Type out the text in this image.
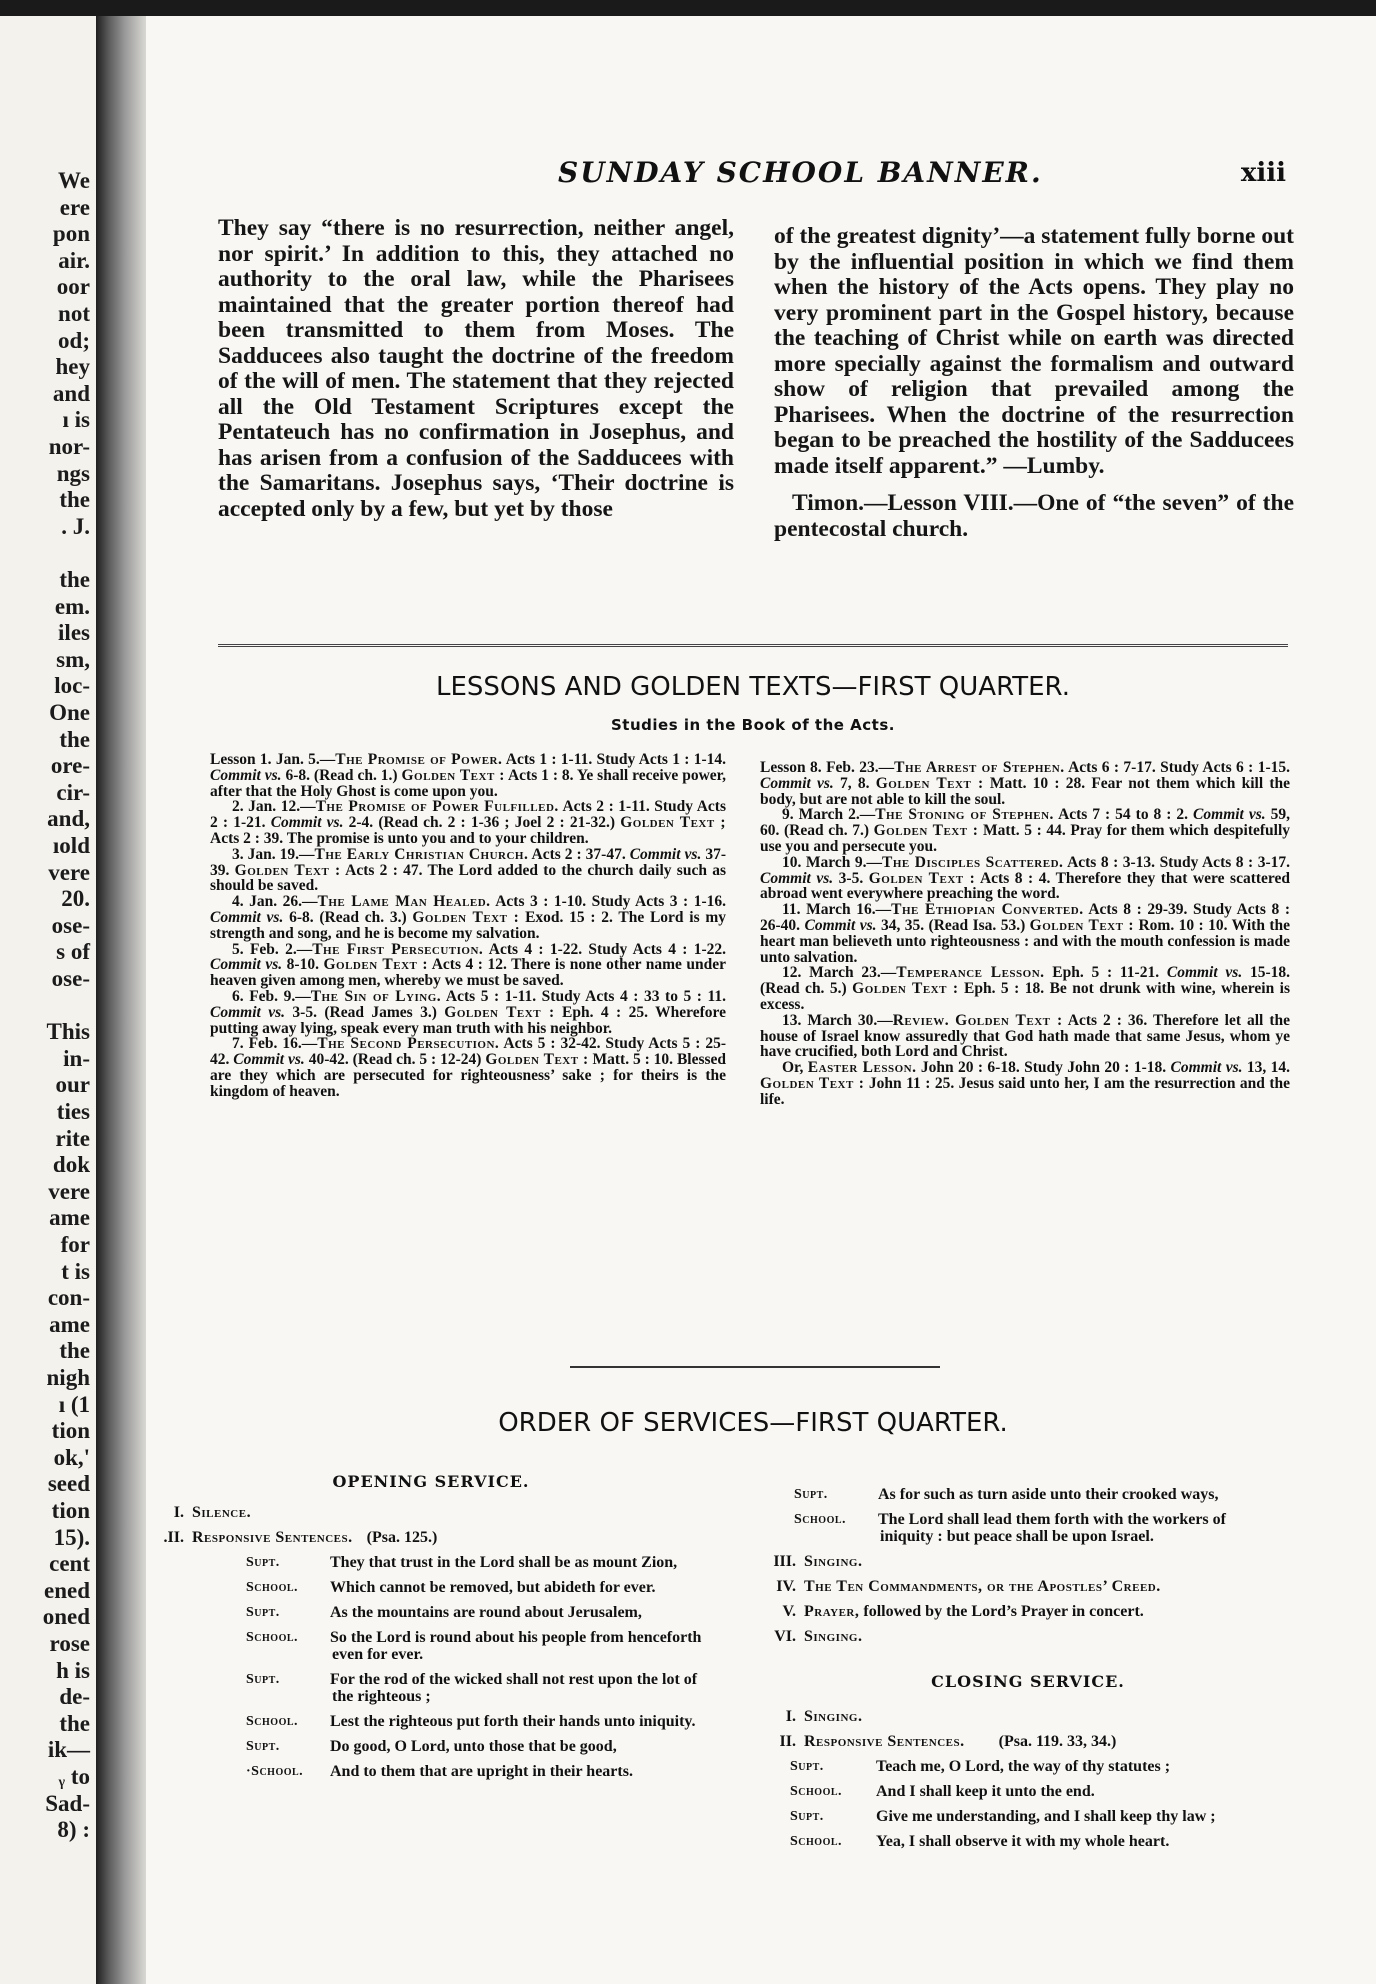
We
ere
pon
air.
oor
not
od;
hey
and
ı is
nor-
ngs
the
. J.
the
em.
iles
sm,
loc-
One
the
ore-
cir-
and,
ıold
vere
20.
ose-
s of
ose-
This
in-
our
ties
rite
dok
vere
ame
for
t is
con-
ame
the
nigh
ı (1
tion
ok,'
seed
tion
15).
cent
ened
oned
rose
h is
de-
the
ik—
ᵧ to
Sad-
8) :
SUNDAY SCHOOL BANNER.	xiii

They say “there is no resurrection, neither angel, nor spirit.’ In addition to this, they attached no authority to the oral law, while the Pharisees maintained that the greater portion thereof had been transmitted to them from Moses. The Sadducees also taught the doctrine of the freedom of the will of men. The statement that they rejected all the Old Testament Scriptures except the Pentateuch has no confirmation in Josephus, and has arisen from a confusion of the Sadducees with the Samaritans. Josephus says, ‘Their doctrine is accepted only by a few, but yet by those

of the greatest dignity’—a statement fully borne out by the influential position in which we find them when the history of the Acts opens. They play no very prominent part in the Gospel history, because the teaching of Christ while on earth was directed more specially against the formalism and outward show of religion that prevailed among the Pharisees. When the doctrine of the resurrection began to be preached the hostility of the Sadducees made itself apparent.” —Lumby.

Timon.—Lesson VIII.—One of “the seven” of the pentecostal church.

LESSONS AND GOLDEN TEXTS—FIRST QUARTER.
Studies in the Book of the Acts.

Lesson 1. Jan. 5.—The Promise of Power. Acts 1 : 1-11. Study Acts 1 : 1-14. Commit vs. 6-8. (Read ch. 1.) Golden Text : Acts 1 : 8. Ye shall receive power, after that the Holy Ghost is come upon you.

2. Jan. 12.—The Promise of Power Fulfilled. Acts 2 : 1-11. Study Acts 2 : 1-21. Commit vs. 2-4. (Read ch. 2 : 1-36 ; Joel 2 : 21-32.) Golden Text ; Acts 2 : 39. The promise is unto you and to your children.

3. Jan. 19.—The Early Christian Church. Acts 2 : 37-47. Commit vs. 37-39. Golden Text : Acts 2 : 47. The Lord added to the church daily such as should be saved.

4. Jan. 26.—The Lame Man Healed. Acts 3 : 1-10. Study Acts 3 : 1-16. Commit vs. 6-8. (Read ch. 3.) Golden Text : Exod. 15 : 2. The Lord is my strength and song, and he is become my salvation.

5. Feb. 2.—The First Persecution. Acts 4 : 1-22. Study Acts 4 : 1-22. Commit vs. 8-10. Golden Text : Acts 4 : 12. There is none other name under heaven given among men, whereby we must be saved.

6. Feb. 9.—The Sin of Lying. Acts 5 : 1-11. Study Acts 4 : 33 to 5 : 11. Commit vs. 3-5. (Read James 3.) Golden Text : Eph. 4 : 25. Wherefore putting away lying, speak every man truth with his neighbor.

7. Feb. 16.—The Second Persecution. Acts 5 : 32-42. Study Acts 5 : 25-42. Commit vs. 40-42. (Read ch. 5 : 12-24) Golden Text : Matt. 5 : 10. Blessed are they which are persecuted for righteousness’ sake ; for theirs is the kingdom of heaven.

Lesson 8. Feb. 23.—The Arrest of Stephen. Acts 6 : 7-17. Study Acts 6 : 1-15. Commit vs. 7, 8. Golden Text : Matt. 10 : 28. Fear not them which kill the body, but are not able to kill the soul.

9. March 2.—The Stoning of Stephen. Acts 7 : 54 to 8 : 2. Commit vs. 59, 60. (Read ch. 7.) Golden Text : Matt. 5 : 44. Pray for them which despitefully use you and persecute you.

10. March 9.—The Disciples Scattered. Acts 8 : 3-13. Study Acts 8 : 3-17. Commit vs. 3-5. Golden Text : Acts 8 : 4. Therefore they that were scattered abroad went everywhere preaching the word.

11. March 16.—The Ethiopian Converted. Acts 8 : 29-39. Study Acts 8 : 26-40. Commit vs. 34, 35. (Read Isa. 53.) Golden Text : Rom. 10 : 10. With the heart man believeth unto righteousness : and with the mouth confession is made unto salvation.

12. March 23.—Temperance Lesson. Eph. 5 : 11-21. Commit vs. 15-18. (Read ch. 5.) Golden Text : Eph. 5 : 18. Be not drunk with wine, wherein is excess.

13. March 30.—Review. Golden Text : Acts 2 : 36. Therefore let all the house of Israel know assuredly that God hath made that same Jesus, whom ye have crucified, both Lord and Christ.

Or, Easter Lesson. John 20 : 6-18. Study John 20 : 1-18. Commit vs. 13, 14. Golden Text : John 11 : 25. Jesus said unto her, I am the resurrection and the life.

ORDER OF SERVICES—FIRST QUARTER.
OPENING SERVICE.
I. Silence.
.II. Responsive Sentences. (Psa. 125.)
Supt.	They that trust in the Lord shall be as mount Zion,
School.	Which cannot be removed, but abideth for ever.
Supt.	As the mountains are round about Jerusalem,
School.	So the Lord is round about his people from henceforth even for ever.
Supt.	For the rod of the wicked shall not rest upon the lot of the righteous ;
School.	Lest the righteous put forth their hands unto iniquity.
Supt.	Do good, O Lord, unto those that be good,
·School.	And to them that are upright in their hearts.
Supt.	As for such as turn aside unto their crooked ways,
School.	The Lord shall lead them forth with the workers of iniquity : but peace shall be upon Israel.
III. Singing.
IV. The Ten Commandments, or the Apostles’ Creed.
V. Prayer, followed by the Lord’s Prayer in concert.
VI. Singing.
CLOSING SERVICE.
I. Singing.
II. Responsive Sentences.	(Psa. 119. 33, 34.)
Supt.	Teach me, O Lord, the way of thy statutes ;
School.	And I shall keep it unto the end.
Supt.	Give me understanding, and I shall keep thy law ;
School.	Yea, I shall observe it with my whole heart.
